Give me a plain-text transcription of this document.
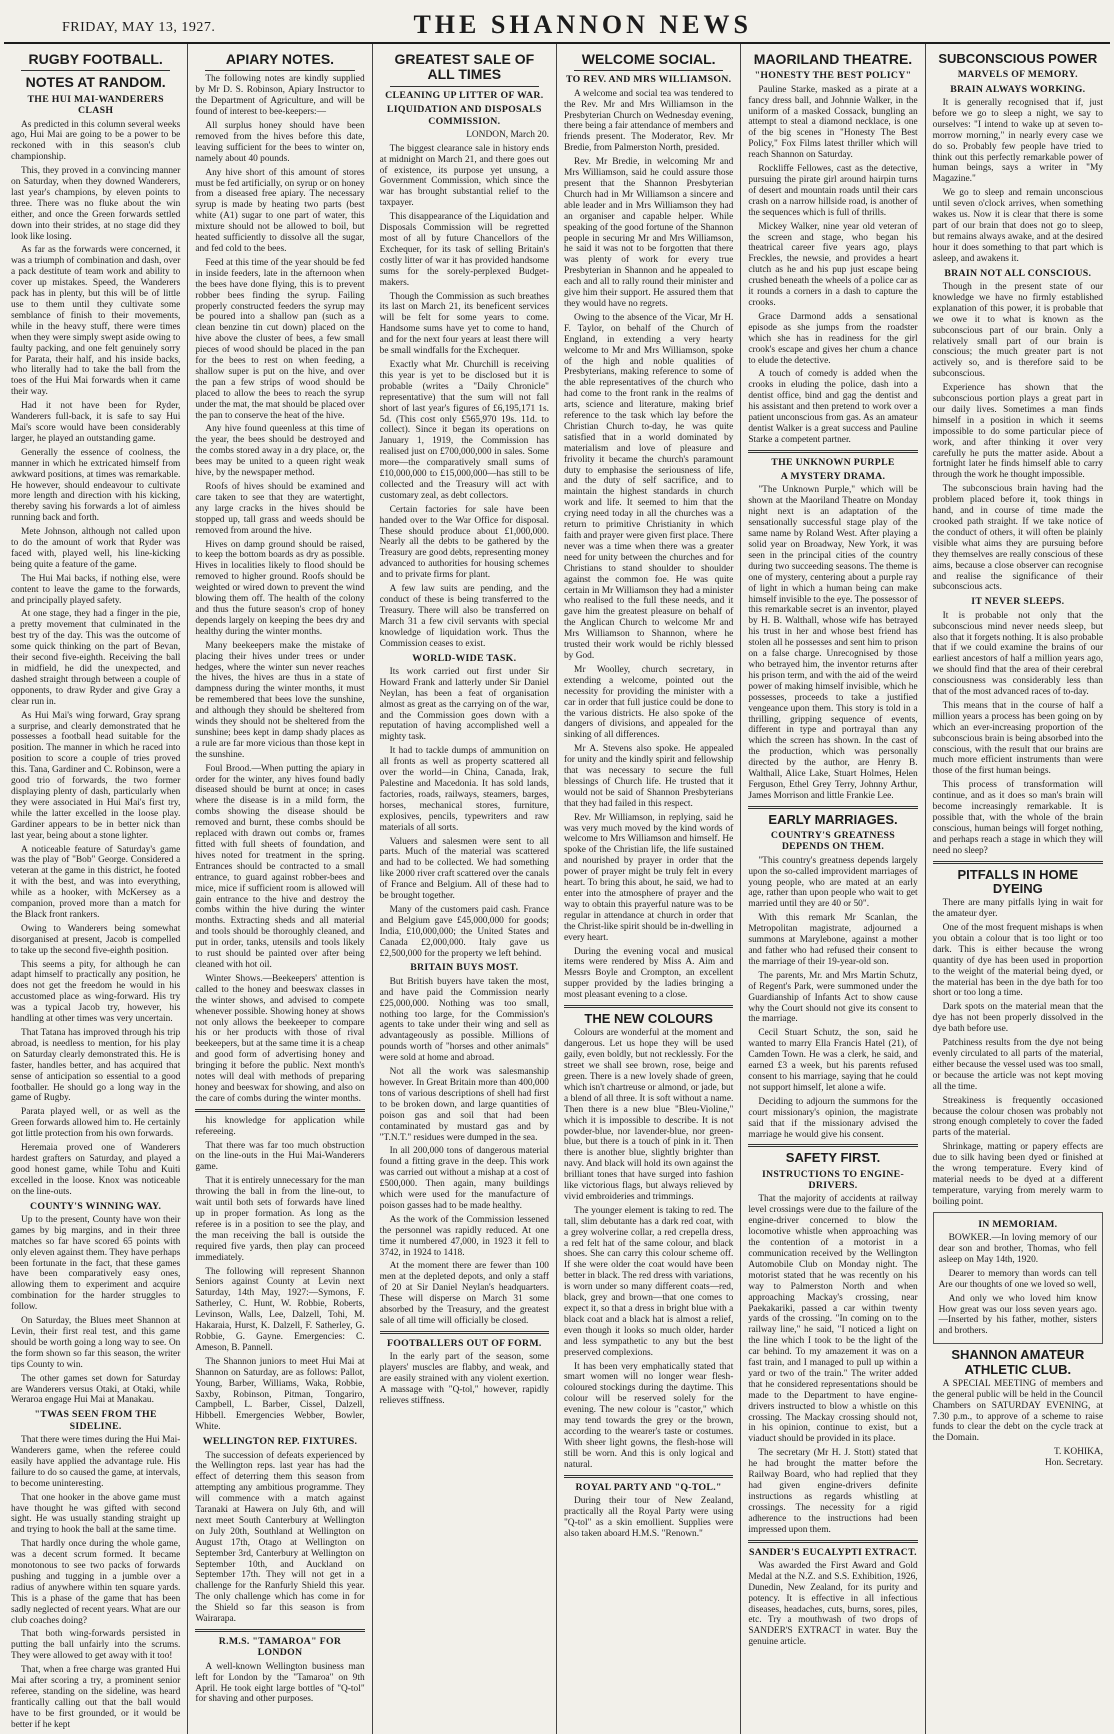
FRIDAY, MAY 13, 1927.	THE SHANNON NEWS
RUGBY FOOTBALL.
NOTES AT RANDOM.
THE HUI MAI-WANDERERS CLASH

As predicted in this column several weeks ago, Hui Mai are going to be a power to be reckoned with in this season's club championship.

This, they proved in a convincing manner on Saturday, when they downed Wanderers, last year's champions, by eleven points to three. There was no fluke about the win either, and once the Green forwards settled down into their strides, at no stage did they look like losing.

As far as the forwards were concerned, it was a triumph of combination and dash, over a pack destitute of team work and ability to cover up mistakes. Speed, the Wanderers pack has in plenty, but this will be of little use to them until they cultivate some semblance of finish to their movements, while in the heavy stuff, there were times when they were simply swept aside owing to faulty packing, and one felt genuinely sorry for Parata, their half, and his inside backs, who literally had to take the ball from the toes of the Hui Mai forwards when it came their way.

Had it not have been for Ryder, Wanderers full-back, it is safe to say Hui Mai's score would have been considerably larger, he played an outstanding game.

Generally the essence of coolness, the manner in which he extricated himself from awkward positions, at times was remarkable. He however, should endeavour to cultivate more length and direction with his kicking, thereby saving his forwards a lot of aimless running back and forth.

Mete Johnson, although not called upon to do the amount of work that Ryder was faced with, played well, his line-kicking being quite a feature of the game.

The Hui Mai backs, if nothing else, were content to leave the game to the forwards, and principally played safety.

At one stage, they had a finger in the pie, a pretty movement that culminated in the best try of the day. This was the outcome of some quick thinking on the part of Bevan, their second five-eighth. Receiving the ball in midfield, he did the unexpected, and dashed straight through between a couple of opponents, to draw Ryder and give Gray a clear run in.

As Hui Mai's wing forward, Gray sprang a surprise, and clearly demonstrated that he possesses a football head suitable for the position. The manner in which he raced into position to score a couple of tries proved this. Tana, Gardiner and C. Robinson, were a good trio of forwards, the two former displaying plenty of dash, particularly when they were associated in Hui Mai's first try, while the latter excelled in the loose play. Gardiner appears to be in better nick than last year, being about a stone lighter.

A noticeable feature of Saturday's game was the play of "Bob" George. Considered a veteran at the game in this district, he footed it with the best, and was into everything, while as a hooker, with McKersey as a companion, proved more than a match for the Black front rankers.

Owing to Wanderers being somewhat disorganised at present, Jacob is compelled to take up the second five-eighth position.

This seems a pity, for although he can adapt himself to practically any position, he does not get the freedom he would in his accustomed place as wing-forward. His try was a typical Jacob try, however, his handling at other times was very uncertain.

That Tatana has improved through his trip abroad, is needless to mention, for his play on Saturday clearly demonstrated this. He is faster, handles better, and has acquired that sense of anticipation so essential to a good footballer. He should go a long way in the game of Rugby.

Parata played well, or as well as the Green forwards allowed him to. He certainly got little protection from his own forwards.

Heremaia proved one of Wanderers hardest grafters on Saturday, and played a good honest game, while Tohu and Kuiti excelled in the loose. Knox was noticeable on the line-outs.

COUNTY'S WINNING WAY.

Up to the present, County have won their games by big margins, and in their three matches so far have scored 65 points with only eleven against them. They have perhaps been fortunate in the fact, that these games have been comparatively easy ones, allowing them to experiment and acquire combination for the harder struggles to follow.

On Saturday, the Blues meet Shannon at Levin, their first real test, and this game should be worth going a long way to see. On the form shown so far this season, the writer tips County to win.

The other games set down for Saturday are Wanderers versus Otaki, at Otaki, while Weraroa engage Hui Mai at Manakau.

"TWAS SEEN FROM THE SIDELINE.

That there were times during the Hui Mai-Wanderers game, when the referee could easily have applied the advantage rule. His failure to do so caused the game, at intervals, to become uninteresting.

That one hooker in the above game must have thought he was gifted with second sight. He was usually standing straight up and trying to hook the ball at the same time.

That hardly once during the whole game, was a decent scrum formed. It became monotonous to see two packs of forwards pushing and tugging in a jumble over a radius of anywhere within ten square yards. This is a phase of the game that has been sadly neglected of recent years. What are our club coaches doing?

That both wing-forwards persisted in putting the ball unfairly into the scrums. They were allowed to get away with it too!

That, when a free charge was granted Hui Mai after scoring a try, a prominent senior referee, standing on the sideline, was heard frantically calling out that the ball would have to be first grounded, or it would be better if he kept

APIARY NOTES.

The following notes are kindly supplied by Mr D. S. Robinson, Apiary Instructor to the Department of Agriculture, and will be found of interest to bee-keepers:—

All surplus honey should have been removed from the hives before this date, leaving sufficient for the bees to winter on, namely about 40 pounds.

Any hive short of this amount of stores must be fed artificially, on syrup or on honey from a diseased free apiary. The necessary syrup is made by heating two parts (best white (A1) sugar to one part of water, this mixture should not be allowed to boil, but heated sufficiently to dissolve all the sugar, and fed cold to the bees.

Feed at this time of the year should be fed in inside feeders, late in the afternoon when the bees have done flying, this is to prevent robber bees finding the syrup. Failing properly constructed feeders the syrup may be poured into a shallow pan (such as a clean benzine tin cut down) placed on the hive above the cluster of bees, a few small pieces of wood should be placed in the pan for the bees to rest on when feeding, a shallow super is put on the hive, and over the pan a few strips of wood should be placed to allow the bees to reach the syrup under the mat, the mat should be placed over the pan to conserve the heat of the hive.

Any hive found queenless at this time of the year, the bees should be destroyed and the combs stored away in a dry place, or, the bees may be united to a queen right weak hive, by the newspaper method.

Roofs of hives should be examined and care taken to see that they are watertight, any large cracks in the hives should be stopped up, tall grass and weeds should be removed from around the hive.

Hives on damp ground should be raised, to keep the bottom boards as dry as possible. Hives in localities likely to flood should be removed to higher ground. Roofs should be weighted or wired down to prevent the wind blowing them off. The health of the colony and thus the future season's crop of honey depends largely on keeping the bees dry and healthy during the winter months.

Many beekeepers make the mistake of placing their hives under trees or under hedges, where the winter sun never reaches the hives, the hives are thus in a state of dampness during the winter months, it must be remembered that bees love the sunshine, and although they should be sheltered from winds they should not be sheltered from the sunshine; bees kept in damp shady places as a rule are far more vicious than those kept in the sunshine.

Foul Brood.—When putting the apiary in order for the winter, any hives found badly diseased should be burnt at once; in cases where the disease is in a mild form, the combs showing the disease should be removed and burnt, these combs should be replaced with drawn out combs or, frames fitted with full sheets of foundation, and hives noted for treatment in the spring. Entrances should be contracted to a small entrance, to guard against robber-bees and mice, mice if sufficient room is allowed will gain entrance to the hive and destroy the combs within the hive during the winter months. Extracting sheds and all material and tools should be thoroughly cleaned, and put in order, tanks, utensils and tools likely to rust should be painted over after being cleaned with hot oil.

Winter Shows.—Beekeepers' attention is called to the honey and beeswax classes in the winter shows, and advised to compete whenever possible. Showing honey at shows not only allows the beekeeper to compare his or her products with those of rival beekeepers, but at the same time it is a cheap and good form of advertising honey and bringing it before the public. Next month's notes will deal with methods of preparing honey and beeswax for showing, and also on the care of combs during the winter months.

his knowledge for application while refereeing.

That there was far too much obstruction on the line-outs in the Hui Mai-Wanderers game.

That it is entirely unnecessary for the man throwing the ball in from the line-out, to wait until both sets of forwards have lined up in proper formation. As long as the referee is in a position to see the play, and the man receiving the ball is outside the required five yards, then play can proceed immediately.

The following will represent Shannon Seniors against County at Levin next Saturday, 14th May, 1927:—Symons, F. Satherley, C. Hunt, W. Robbie, Roberts, Levinson, Walls, Lee, Dalzell, Tohi, M. Hakaraia, Hurst, K. Dalzell, F. Satherley, G. Robbie, G. Gayne. Emergencies: C. Ameson, B. Pannell.

The Shannon juniors to meet Hui Mai at Shannon on Saturday, are as follows: Pallot, Young, Barber, Williams, Waka, Robbie, Saxby, Robinson, Pitman, Tongariro, Campbell, L. Barber, Cissel, Dalzell, Hibbell. Emergencies Webber, Bowler, White.

WELLINGTON REP. FIXTURES.

The succession of defeats experienced by the Wellington reps. last year has had the effect of deterring them this season from attempting any ambitious programme. They will commence with a match against Taranaki at Hawera on July 6th, and will next meet South Canterbury at Wellington on July 20th, Southland at Wellington on August 17th, Otago at Wellington on September 3rd, Canterbury at Wellington on September 10th, and Auckland on September 17th. They will not get in a challenge for the Ranfurly Shield this year. The only challenge which has come in for the Shield so far this season is from Wairarapa.

R.M.S. "TAMAROA" FOR LONDON

A well-known Wellington business man left for London by the "Tamaroa" on 9th April. He took eight large bottles of "Q-tol" for shaving and other purposes.

GREATEST SALE OF ALL TIMES
CLEANING UP LITTER OF WAR.
LIQUIDATION AND DISPOSALS COMMISSION.

LONDON, March 20.

The biggest clearance sale in history ends at midnight on March 21, and there goes out of existence, its purpose yet unsung, a Government Commission, which since the war has brought substantial relief to the taxpayer.

This disappearance of the Liquidation and Disposals Commission will be regretted most of all by future Chancellors of the Exchequer, for its task of selling Britain's costly litter of war it has provided handsome sums for the sorely-perplexed Budget-makers.

Though the Commission as such breathes its last on March 21, its beneficent services will be felt for some years to come. Handsome sums have yet to come to hand, and for the next four years at least there will be small windfalls for the Exchequer.

Exactly what Mr. Churchill is receiving this year is yet to be disclosed but it is probable (writes a "Daily Chronicle" representative) that the sum will not fall short of last year's figures of £6,195,171 1s. 5d. (This cost only £565,970 19s. 11d. to collect). Since it began its operations on January 1, 1919, the Commission has realised just on £700,000,000 in sales. Some more—the comparatively small sums of £10,000,000 to £15,000,000—has still to be collected and the Treasury will act with customary zeal, as debt collectors.

Certain factories for sale have been handed over to the War Office for disposal. These should produce about £1,000,000. Nearly all the debts to be gathered by the Treasury are good debts, representing money advanced to authorities for housing schemes and to private firms for plant.

A few law suits are pending, and the conduct of these is being transferred to the Treasury. There will also be transferred on March 31 a few civil servants with special knowledge of liquidation work. Thus the Commission ceases to exist.

WORLD-WIDE TASK.

Its work carried out first under Sir Howard Frank and latterly under Sir Daniel Neylan, has been a feat of organisation almost as great as the carrying on of the war, and the Commission goes down with a reputation of having accomplished well a mighty task.

It had to tackle dumps of ammunition on all fronts as well as property scattered all over the world—in China, Canada, Irak, Palestine and Macedonia. It has sold lands, factories, roads, railways, steamers, barges, horses, mechanical stores, furniture, explosives, pencils, typewriters and raw materials of all sorts.

Valuers and salesmen were sent to all parts. Much of the material was scattered and had to be collected. We had something like 2000 river craft scattered over the canals of France and Belgium. All of these had to be brought together.

Many of the customers paid cash. France and Belgium gave £45,000,000 for goods; India, £10,000,000; the United States and Canada £2,000,000. Italy gave us £2,500,000 for the property we left behind.

BRITAIN BUYS MOST.

But British buyers have taken the most, and have paid the Commission nearly £25,000,000. Nothing was too small, nothing too large, for the Commission's agents to take under their wing and sell as advantageously as possible. Millions of pounds worth of "horses and other animals" were sold at home and abroad.

Not all the work was salesmanship however. In Great Britain more than 400,000 tons of various descriptions of shell had first to be broken down, and large quantities of poison gas and soil that had been contaminated by mustard gas and by "T.N.T." residues were dumped in the sea.

In all 200,000 tons of dangerous material found a fitting grave in the deep. This work was carried out without a mishap at a cost of £500,000. Then again, many buildings which were used for the manufacture of poison gasses had to be made healthy.

As the work of the Commission lessened the personnel was rapidly reduced. At one time it numbered 47,000, in 1923 it fell to 3742, in 1924 to 1418.

At the moment there are fewer than 100 men at the depleted depots, and only a staff of 20 at Sir Daniel Neylan's headquarters. These will disperse on March 31 some absorbed by the Treasury, and the greatest sale of all time will officially be closed.

FOOTBALLERS OUT OF FORM.

In the early part of the season, some players' muscles are flabby, and weak, and are easily strained with any violent exertion. A massage with "Q-tol," however, rapidly relieves stiffness.

WELCOME SOCIAL.
TO REV. AND MRS WILLIAMSON.

A welcome and social tea was tendered to the Rev. Mr and Mrs Williamson in the Presbyterian Church on Wednesday evening, there being a fair attendance of members and friends present. The Moderator, Rev. Mr Bredie, from Palmerston North, presided.

Rev. Mr Bredie, in welcoming Mr and Mrs Williamson, said he could assure those present that the Shannon Presbyterian Church had in Mr Williamson a sincere and able leader and in Mrs Williamson they had an organiser and capable helper. While speaking of the good fortune of the Shannon people in securing Mr and Mrs Williamson, he said it was not to be forgotten that there was plenty of work for every true Presbyterian in Shannon and he appealed to each and all to rally round their minister and give him their support. He assured them that they would have no regrets.

Owing to the absence of the Vicar, Mr H. F. Taylor, on behalf of the Church of England, in extending a very hearty welcome to Mr and Mrs Williamson, spoke of the high and noble qualities of Presbyterians, making reference to some of the able representatives of the church who had come to the front rank in the realms of arts, science and literature, making brief reference to the task which lay before the Christian Church to-day, he was quite satisfied that in a world dominated by materialism and love of pleasure and frivolity it became the church's paramount duty to emphasise the seriousness of life, and the duty of self sacrifice, and to maintain the highest standards in church work and life. It seemed to him that the crying need today in all the churches was a return to primitive Christianity in which faith and prayer were given first place. There never was a time when there was a greater need for unity between the churches and for Christians to stand shoulder to shoulder against the common foe. He was quite certain in Mr Williamson they had a minister who realised to the full these needs, and it gave him the greatest pleasure on behalf of the Anglican Church to welcome Mr and Mrs Williamson to Shannon, where he trusted their work would be richly blessed by God.

Mr Woolley, church secretary, in extending a welcome, pointed out the necessity for providing the minister with a car in order that full justice could be done to the various districts. He also spoke of the dangers of divisions, and appealed for the sinking of all differences.

Mr A. Stevens also spoke. He appealed for unity and the kindly spirit and fellowship that was necessary to secure the full blessings of Church life. He trusted that it would not be said of Shannon Presbyterians that they had failed in this respect.

Rev. Mr Williamson, in replying, said he was very much moved by the kind words of welcome to Mrs Williamson and himself. He spoke of the Christian life, the life sustained and nourished by prayer in order that the power of prayer might be truly felt in every heart. To bring this about, he said, we had to enter into the atmosphere of prayer and the way to obtain this prayerful nature was to be regular in attendance at church in order that the Christ-like spirit should be in-dwelling in every heart.

During the evening vocal and musical items were rendered by Miss A. Aim and Messrs Boyle and Crompton, an excellent supper provided by the ladies bringing a most pleasant evening to a close.

THE NEW COLOURS

Colours are wonderful at the moment and dangerous. Let us hope they will be used gaily, even boldly, but not recklessly. For the street we shall see brown, rose, beige and green. There is a new lovely shade of green, which isn't chartreuse or almond, or jade, but a blend of all three. It is soft without a name. Then there is a new blue "Bleu-Violine," which it is impossible to describe. It is not powder-blue, nor lavender-blue, nor green-blue, but there is a touch of pink in it. Then there is another blue, slightly brighter than navy. And black will hold its own against the brilliant tones that have surged into fashion like victorious flags, but always relieved by vivid embroideries and trimmings.

The younger element is taking to red. The tall, slim debutante has a dark red coat, with a grey wolverine collar, a red crepella dress, a red felt hat of the same colour, and black shoes. She can carry this colour scheme off. If she were older the coat would have been better in black. The red dress with variations, is worn under so many different coats—red, black, grey and brown—that one comes to expect it, so that a dress in bright blue with a black coat and a black hat is almost a relief, even though it looks so much older, harder and less sympathetic to any but the best preserved complexions.

It has been very emphatically stated that smart women will no longer wear flesh-coloured stockings during the daytime. This colour will be reserved solely for the evening. The new colour is "castor," which may tend towards the grey or the brown, according to the wearer's taste or costumes. With sheer light gowns, the flesh-hose will still be worn. And this is only logical and natural.

ROYAL PARTY AND "Q-TOL."

During their tour of New Zealand, practically all the Royal Party were using "Q-tol" as a skin emollient. Supplies were also taken aboard H.M.S. "Renown."

MAORILAND THEATRE.
"HONESTY THE BEST POLICY"

Pauline Starke, masked as a pirate at a fancy dress ball, and Johnnie Walker, in the uniform of a masked Cossack, bungling an attempt to steal a diamond necklace, is one of the big scenes in "Honesty The Best Policy," Fox Films latest thriller which will reach Shannon on Saturday.

Rockliffe Fellowes, cast as the detective, pursuing the pirate girl around hairpin turns of desert and mountain roads until their cars crash on a narrow hillside road, is another of the sequences which is full of thrills.

Mickey Walker, nine year old veteran of the screen and stage, who began his theatrical career five years ago, plays Freckles, the newsie, and provides a heart clutch as he and his pup just escape being crushed beneath the wheels of a police car as it rounds a corners in a dash to capture the crooks.

Grace Darmond adds a sensational episode as she jumps from the roadster which she has in readiness for the girl crook's escape and gives her chum a chance to elude the detective.

A touch of comedy is added when the crooks in eluding the police, dash into a dentist office, bind and gag the dentist and his assistant and then pretend to work over a patient unconscious from gas. As an amateur dentist Walker is a great success and Pauline Starke a competent partner.

THE UNKNOWN PURPLE
A MYSTERY DRAMA.

"The Unknown Purple," which will be shown at the Maoriland Theatre on Monday night next is an adaptation of the sensationally successful stage play of the same name by Roland West. After playing a solid year on Broadway, New York, it was seen in the principal cities of the country during two succeeding seasons. The theme is one of mystery, centering about a purple ray of light in which a human being can make himself invisible to the eye. The possessor of this remarkable secret is an inventor, played by H. B. Walthall, whose wife has betrayed his trust in her and whose best friend has stolen all he possesses and sent him to prison on a false charge. Unrecognised by those who betrayed him, the inventor returns after his prison term, and with the aid of the weird power of making himself invisible, which he possesses, proceeds to take a justified vengeance upon them. This story is told in a thrilling, gripping sequence of events, different in type and portrayal than any which the screen has shown. In the cast of the production, which was personally directed by the author, are Henry B. Walthall, Alice Lake, Stuart Holmes, Helen Ferguson, Ethel Grey Terry, Johnny Arthur, James Morrison and little Frankie Lee.

EARLY MARRIAGES.
COUNTRY'S GREATNESS DEPENDS ON THEM.

"This country's greatness depends largely upon the so-called improvident marriages of young people, who are mated at an early age, rather than upon people who wait to get married until they are 40 or 50".

With this remark Mr Scanlan, the Metropolitan magistrate, adjourned a summons at Marylebone, against a mother and father who had refused their consent to the marriage of their 19-year-old son.

The parents, Mr. and Mrs Martin Schutz, of Regent's Park, were summoned under the Guardianship of Infants Act to show cause why the Court should not give its consent to the marriage.

Cecil Stuart Schutz, the son, said he wanted to marry Ella Francis Hatel (21), of Camden Town. He was a clerk, he said, and earned £3 a week, but his parents refused consent to his marriage, saying that he could not support himself, let alone a wife.

Deciding to adjourn the summons for the court missionary's opinion, the magistrate said that if the missionary advised the marriage he would give his consent.

SAFETY FIRST.
INSTRUCTIONS TO ENGINE-DRIVERS.

That the majority of accidents at railway level crossings were due to the failure of the engine-driver concerned to blow the locomotive whistle when approaching was the contention of a motorist in a communication received by the Wellington Automobile Club on Monday night. The motorist stated that he was recently on his way to Palmerston North and when approaching Mackay's crossing, near Paekakariki, passed a car within twenty yards of the crossing. "In coming on to the railway line," he said, "I noticed a light on the line which I took to be the light of the car behind. To my amazement it was on a fast train, and I managed to pull up within a yard or two of the train." The writer added that he considered representations should be made to the Department to have engine-drivers instructed to blow a whistle on this crossing. The Mackay crossing should not, in his opinion, continue to exist, but a viaduct should be provided in its place.

The secretary (Mr H. J. Stott) stated that he had brought the matter before the Railway Board, who had replied that they had given engine-drivers definite instructions as regards whistling at crossings. The necessity for a rigid adherence to the instructions had been impressed upon them.

SANDER'S EUCALYPTI EXTRACT.

Was awarded the First Award and Gold Medal at the N.Z. and S.S. Exhibition, 1926, Dunedin, New Zealand, for its purity and potency. It is effective in all infectious diseases, headaches, cuts, burns, sores, piles, etc. Try a mouthwash of two drops of SANDER'S EXTRACT in water. Buy the genuine article.

SUBCONSCIOUS POWER
MARVELS OF MEMORY.
BRAIN ALWAYS WORKING.

It is generally recognised that if, just before we go to sleep a night, we say to ourselves: "I intend to wake up at seven to-morrow morning," in nearly every case we do so. Probably few people have tried to think out this perfectly remarkable power of human beings, says a writer in "My Magazine."

We go to sleep and remain unconscious until seven o'clock arrives, when something wakes us. Now it is clear that there is some part of our brain that does not go to sleep, but remains always awake, and at the desired hour it does something to that part which is asleep, and awakens it.

BRAIN NOT ALL CONSCIOUS.

Though in the present state of our knowledge we have no firmly established explanation of this power, it is probable that we owe it to what is known as the subconscious part of our brain. Only a relatively small part of our brain is conscious; the much greater part is not actively so, and is therefore said to be subconscious.

Experience has shown that the subconscious portion plays a great part in our daily lives. Sometimes a man finds himself in a position in which it seems impossible to do some particular piece of work, and after thinking it over very carefully he puts the matter aside. About a fortnight later he finds himself able to carry through the work he thought impossible.

The subconscious brain having had the problem placed before it, took things in hand, and in course of time made the crooked path straight. If we take notice of the conduct of others, it will often be plainly visible what aims they are pursuing before they themselves are really conscious of these aims, because a close observer can recognise and realise the significance of their subconscious acts.

IT NEVER SLEEPS.

It is probable not only that the subconscious mind never needs sleep, but also that it forgets nothing. It is also probable that if we could examine the brains of our earliest ancestors of half a million years ago, we should find that the area of their cerebral consciousness was considerably less than that of the most advanced races of to-day.

This means that in the course of half a million years a process has been going on by which an ever-increasing proportion of the subconscious brain is being absorbed into the conscious, with the result that our brains are much more efficient instruments than were those of the first human beings.

This process of transformation will continue, and as it does so man's brain will become increasingly remarkable. It is possible that, with the whole of the brain conscious, human beings will forget nothing, and perhaps reach a stage in which they will need no sleep?

PITFALLS IN HOME DYEING

There are many pitfalls lying in wait for the amateur dyer.

One of the most frequent mishaps is when you obtain a colour that is too light or too dark. This is either because the wrong quantity of dye has been used in proportion to the weight of the material being dyed, or the material has been in the dye bath for too short or too long a time.

Dark spots on the material mean that the dye has not been properly dissolved in the dye bath before use.

Patchiness results from the dye not being evenly circulated to all parts of the material, either because the vessel used was too small, or because the article was not kept moving all the time.

Streakiness is frequently occasioned because the colour chosen was probably not strong enough completely to cover the faded parts of the material.

Shrinkage, matting or papery effects are due to silk having been dyed or finished at the wrong temperature. Every kind of material needs to be dyed at a different temperature, varying from merely warm to boiling point.

IN MEMORIAM.

BOWKER.—In loving memory of our dear son and brother, Thomas, who fell asleep on May 14th, 1920.

Dearer to memory than words can tell Are our thoughts of one we loved so well,

And only we who loved him know How great was our loss seven years ago. —Inserted by his father, mother, sisters and brothers.

SHANNON AMATEUR ATHLETIC CLUB.

A SPECIAL MEETING of members and the general public will be held in the Council Chambers on SATURDAY EVENING, at 7.30 p.m., to approve of a scheme to raise funds to clear the debt on the cycle track at the Domain.

T. KOHIKA,

Hon. Secretary.
